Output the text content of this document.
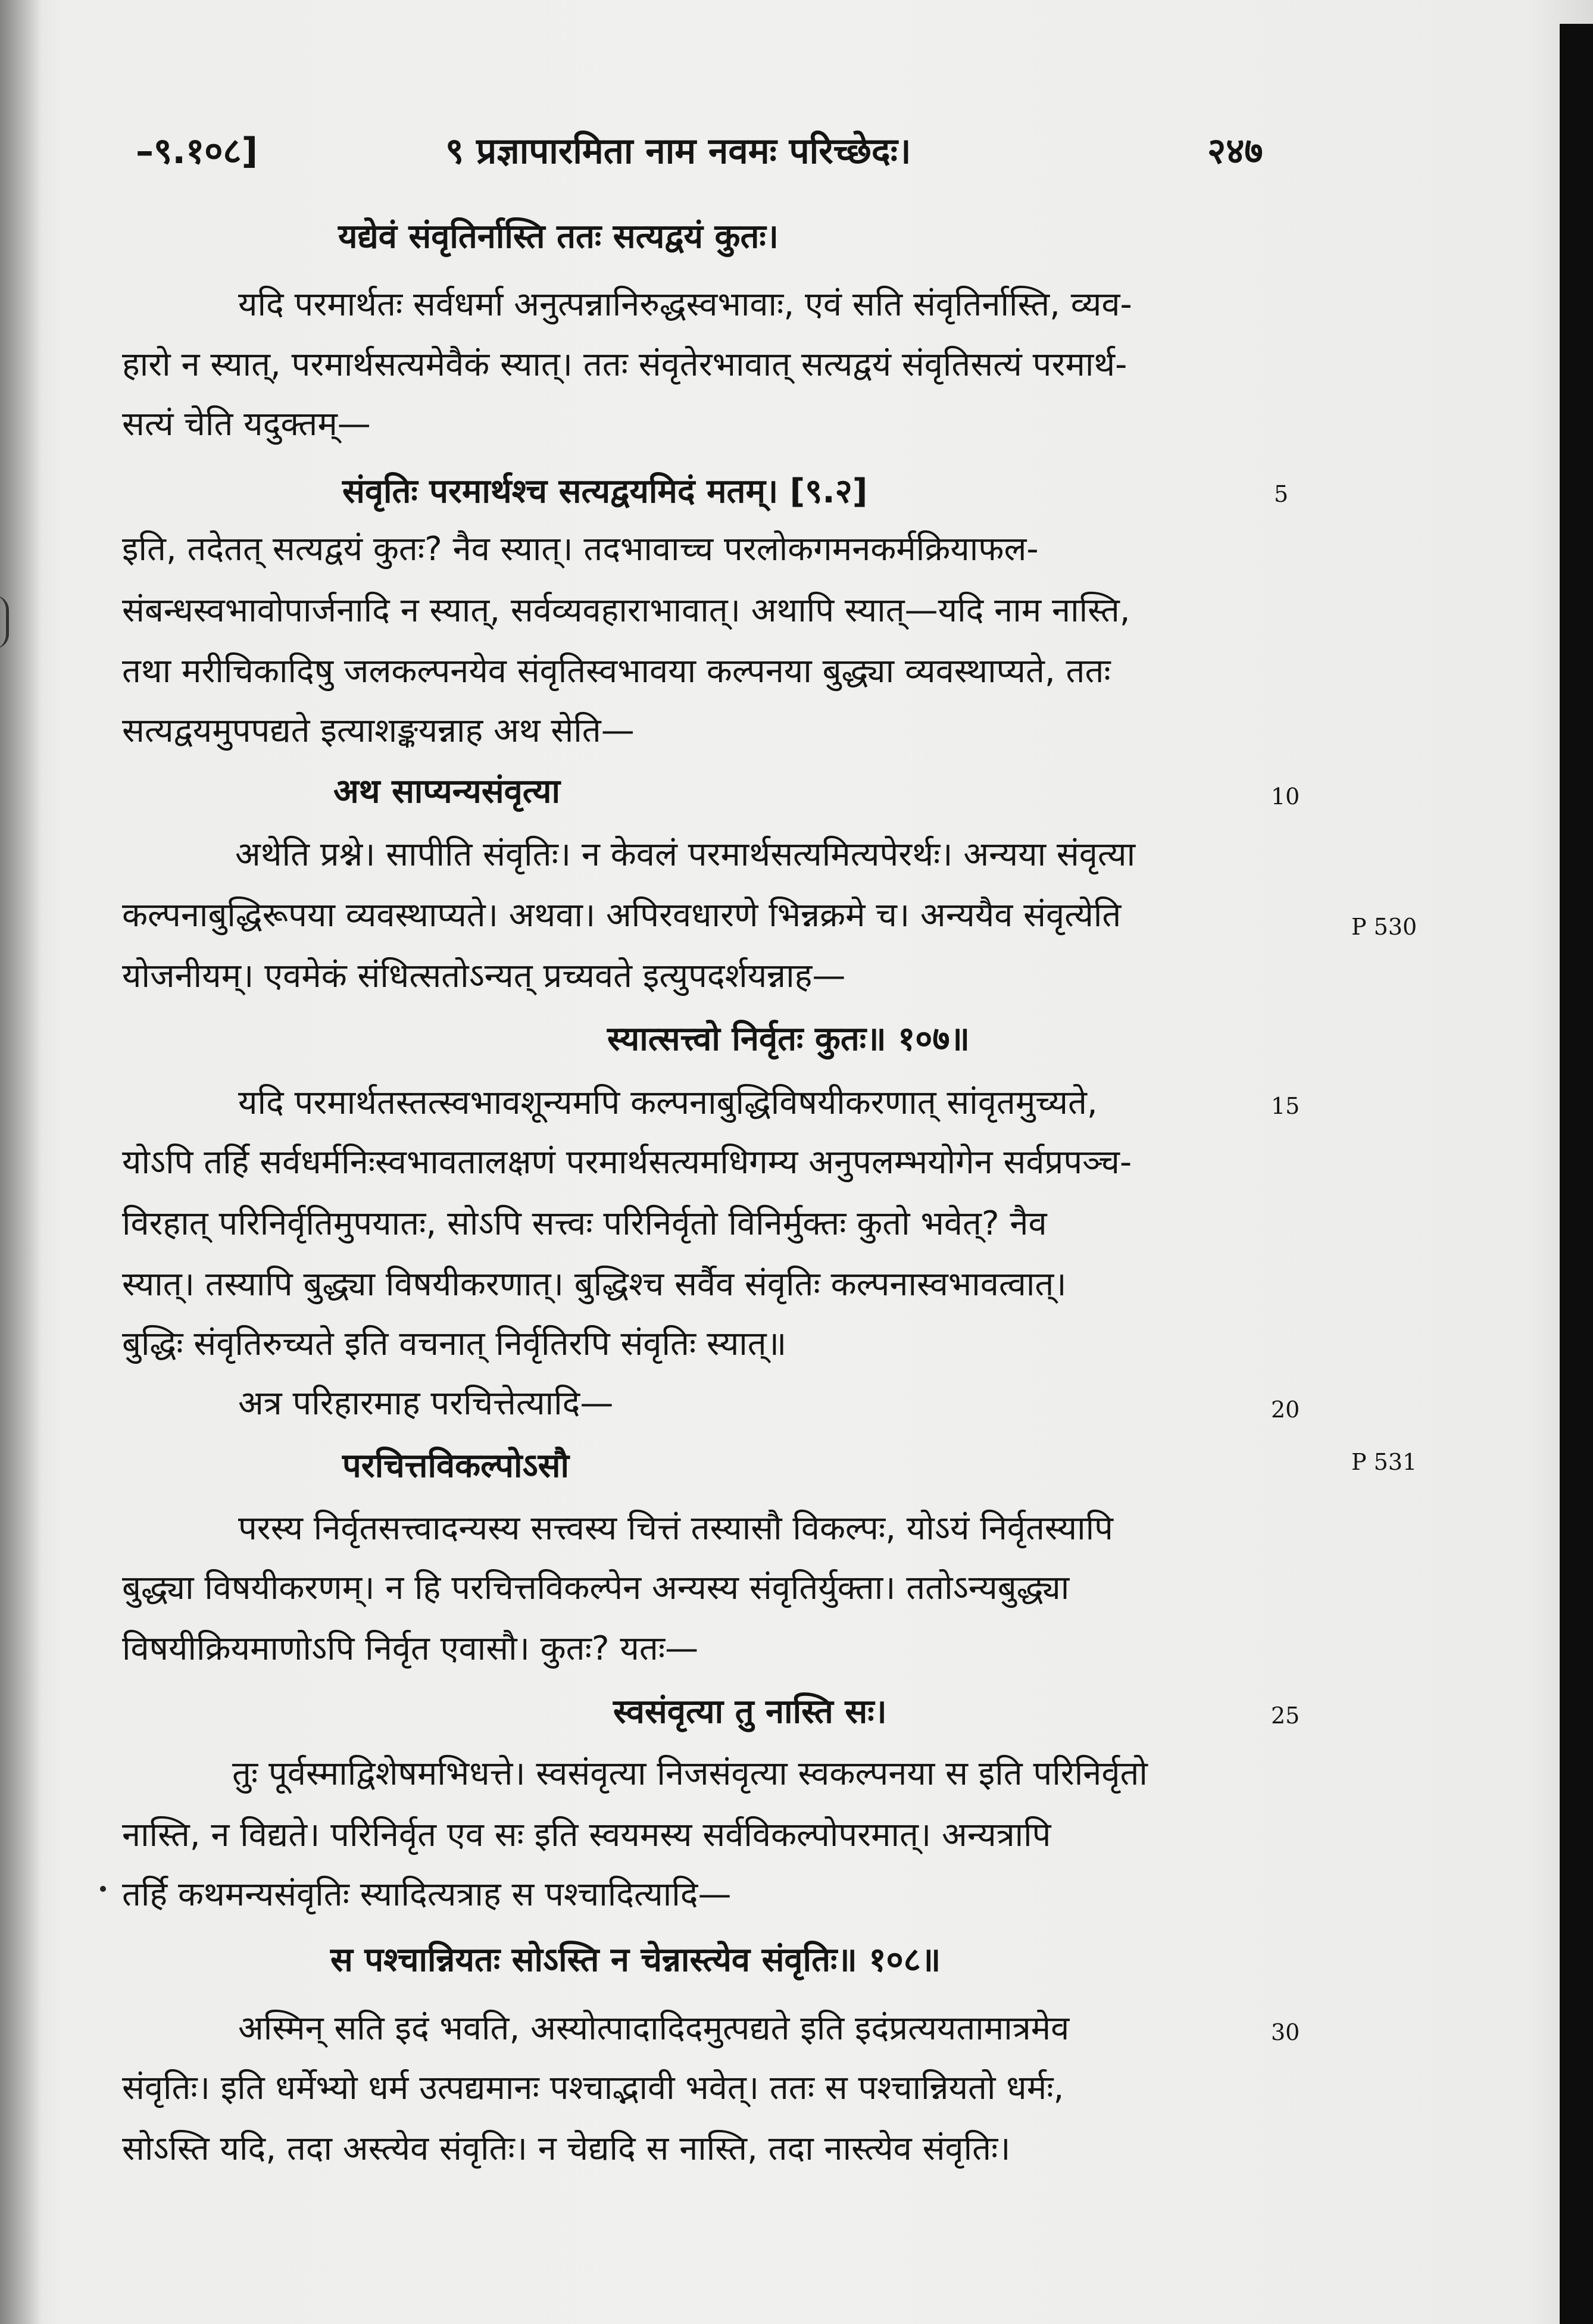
–९.१०८]	९ प्रज्ञापारमिता नाम नवमः परिच्छेदः।	२४७
यद्येवं संवृतिर्नास्ति ततः सत्यद्वयं कुतः।
यदि परमार्थतः सर्वधर्मा अनुत्पन्नानिरुद्धस्वभावाः, एवं सति संवृतिर्नास्ति, व्यव-
हारो न स्यात्, परमार्थसत्यमेवैकं स्यात्। ततः संवृतेरभावात् सत्यद्वयं संवृतिसत्यं परमार्थ-
सत्यं चेति यदुक्तम्—
संवृतिः परमार्थश्च सत्यद्वयमिदं मतम्। [९.२]
इति, तदेतत् सत्यद्वयं कुतः? नैव स्यात्। तदभावाच्च परलोकगमनकर्मक्रियाफल-
संबन्धस्वभावोपार्जनादि न स्यात्, सर्वव्यवहाराभावात्। अथापि स्यात्—यदि नाम नास्ति,
तथा मरीचिकादिषु जलकल्पनयेव संवृतिस्वभावया कल्पनया बुद्ध्या व्यवस्थाप्यते, ततः
सत्यद्वयमुपपद्यते इत्याशङ्कयन्नाह अथ सेति—
अथ साप्यन्यसंवृत्या
अथेति प्रश्ने। सापीति संवृतिः। न केवलं परमार्थसत्यमित्यपेरर्थः। अन्यया संवृत्या
कल्पनाबुद्धिरूपया व्यवस्थाप्यते। अथवा। अपिरवधारणे भिन्नक्रमे च। अन्ययैव संवृत्येति
योजनीयम्। एवमेकं संधित्सतोऽन्यत् प्रच्यवते इत्युपदर्शयन्नाह—
स्यात्सत्त्वो निर्वृतः कुतः॥ १०७॥
यदि परमार्थतस्तत्स्वभावशून्यमपि कल्पनाबुद्धिविषयीकरणात् सांवृतमुच्यते,
योऽपि तर्हि सर्वधर्मनिःस्वभावतालक्षणं परमार्थसत्यमधिगम्य अनुपलम्भयोगेन सर्वप्रपञ्च-
विरहात् परिनिर्वृतिमुपयातः, सोऽपि सत्त्वः परिनिर्वृतो विनिर्मुक्तः कुतो भवेत्? नैव
स्यात्। तस्यापि बुद्ध्या विषयीकरणात्। बुद्धिश्च सर्वैव संवृतिः कल्पनास्वभावत्वात्।
बुद्धिः संवृतिरुच्यते इति वचनात् निर्वृतिरपि संवृतिः स्यात्॥
अत्र परिहारमाह परचित्तेत्यादि—
परचित्तविकल्पोऽसौ
परस्य निर्वृतसत्त्वादन्यस्य सत्त्वस्य चित्तं तस्यासौ विकल्पः, योऽयं निर्वृतस्यापि
बुद्ध्या विषयीकरणम्। न हि परचित्तविकल्पेन अन्यस्य संवृतिर्युक्ता। ततोऽन्यबुद्ध्या
विषयीक्रियमाणोऽपि निर्वृत एवासौ। कुतः? यतः—
स्वसंवृत्या तु नास्ति सः।
तुः पूर्वस्माद्विशेषमभिधत्ते। स्वसंवृत्या निजसंवृत्या स्वकल्पनया स इति परिनिर्वृतो
नास्ति, न विद्यते। परिनिर्वृत एव सः इति स्वयमस्य सर्वविकल्पोपरमात्। अन्यत्रापि
तर्हि कथमन्यसंवृतिः स्यादित्यत्राह स पश्चादित्यादि—
स पश्चान्नियतः सोऽस्ति न चेन्नास्त्येव संवृतिः॥ १०८॥
अस्मिन् सति इदं भवति, अस्योत्पादादिदमुत्पद्यते इति इदंप्रत्ययतामात्रमेव
संवृतिः। इति धर्मेभ्यो धर्म उत्पद्यमानः पश्चाद्भावी भवेत्। ततः स पश्चान्नियतो धर्मः,
सोऽस्ति यदि, तदा अस्त्येव संवृतिः। न चेद्यदि स नास्ति, तदा नास्त्येव संवृतिः।
5
10
15
20
25
30
P 530
P 531
